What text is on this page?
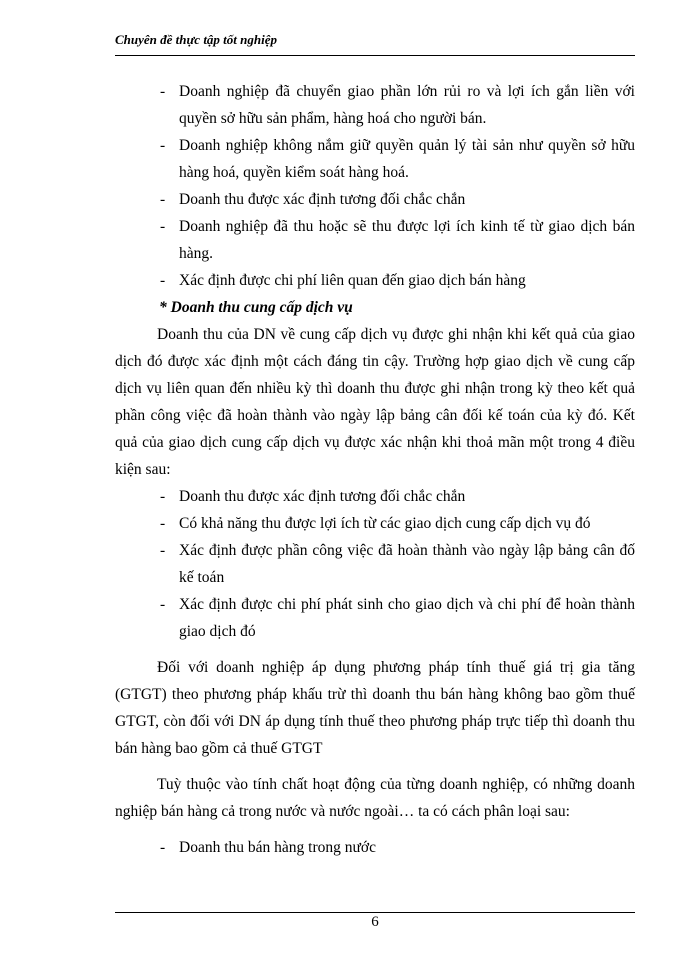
Chuyên đề thực tập tốt nghiệp
- Doanh nghiệp đã chuyển giao phần lớn rủi ro và lợi ích gắn liền với quyền sở hữu sản phẩm, hàng hoá cho người bán.
- Doanh nghiệp không nắm giữ quyền quản lý tài sản như quyền sở hữu hàng hoá, quyền kiểm soát hàng hoá.
- Doanh thu được xác định tương đối chắc chắn
- Doanh nghiệp đã thu hoặc sẽ thu được lợi ích kinh tế từ giao dịch bán hàng.
- Xác định được chi phí liên quan đến giao dịch bán hàng
* Doanh thu cung cấp dịch vụ
Doanh thu của DN về cung cấp dịch vụ được ghi nhận khi kết quả của giao dịch đó được xác định một cách đáng tin cậy. Trường hợp giao dịch về cung cấp dịch vụ liên quan đến nhiều kỳ thì doanh thu được ghi nhận trong kỳ theo kết quả phần công việc đã hoàn thành vào ngày lập bảng cân đối kế toán của kỳ đó. Kết quả của giao dịch cung cấp dịch vụ được xác nhận khi thoả mãn một trong 4 điều kiện sau:
- Doanh thu được xác định tương đối chắc chắn
- Có khả năng thu được lợi ích từ các giao dịch cung cấp dịch vụ đó
- Xác định được phần công việc đã hoàn thành vào ngày lập bảng cân đố kế toán
- Xác định được chi phí phát sinh cho giao dịch và chi phí để hoàn thành giao dịch đó
Đối với doanh nghiệp áp dụng phương pháp tính thuế giá trị gia tăng (GTGT) theo phương pháp khấu trừ thì doanh thu bán hàng không bao gồm thuế GTGT, còn đối với DN áp dụng tính thuế theo phương pháp trực tiếp thì doanh thu bán hàng bao gồm cả thuế GTGT
Tuỳ thuộc vào tính chất hoạt động của từng doanh nghiệp, có những doanh nghiệp bán hàng cả trong nước và nước ngoài… ta có cách phân loại sau:
- Doanh thu bán hàng trong nước
6
